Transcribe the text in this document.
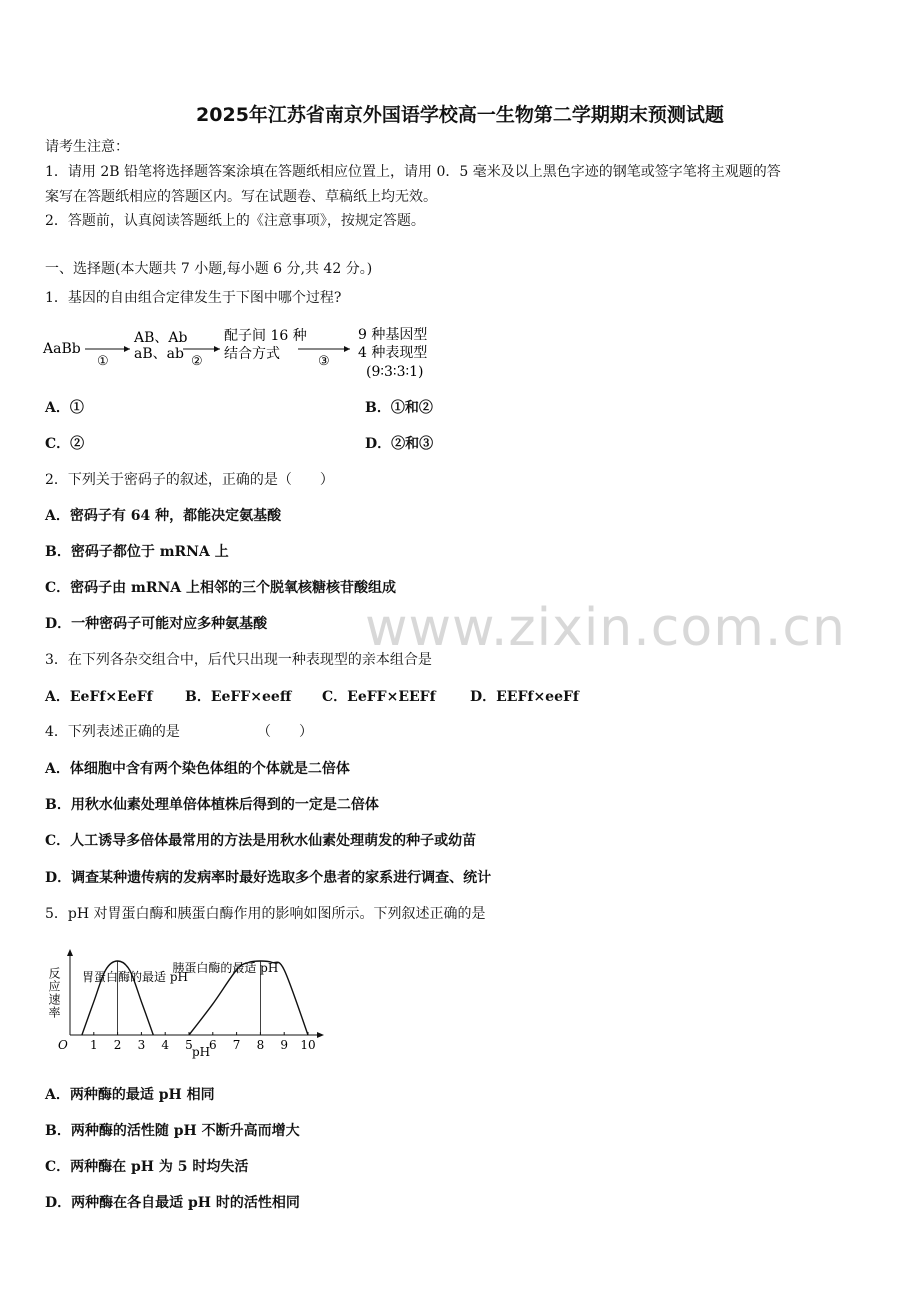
2025年江苏省南京外国语学校高一生物第二学期期末预测试题
请考生注意：
1．请用 2B 铅笔将选择题答案涂填在答题纸相应位置上，请用 0．5 毫米及以上黑色字迹的钢笔或签字笔将主观题的答
案写在答题纸相应的答题区内。写在试题卷、草稿纸上均无效。
2．答题前，认真阅读答题纸上的《注意事项》，按规定答题。
一、选择题(本大题共 7 小题,每小题 6 分,共 42 分。)
1．基因的自由组合定律发生于下图中哪个过程?
AaBb
①
AB、Ab
aB、ab ②
配子间 16 种
结合方式	③
9 种基因型
4 种表现型
(9∶3∶3∶1)
A．①	B．①和②
C．②	D．②和③
2．下列关于密码子的叙述，正确的是（　　）
A．密码子有 64 种，都能决定氨基酸
B．密码子都位于 mRNA 上
C．密码子由 mRNA 上相邻的三个脱氧核糖核苷酸组成
D．一种密码子可能对应多种氨基酸
3．在下列各杂交组合中，后代只出现一种表现型的亲本组合是
A．EeFf×EeFf B．EeFF×eeff C．EeFF×EEFf D．EEFf×eeFf
4．下列表述正确的是	（　　）
A．体细胞中含有两个染色体组的个体就是二倍体
B．用秋水仙素处理单倍体植株后得到的一定是二倍体
C．人工诱导多倍体最常用的方法是用秋水仙素处理萌发的种子或幼苗
D．调查某种遗传病的发病率时最好选取多个患者的家系进行调查、统计
5．pH 对胃蛋白酶和胰蛋白酶作用的影响如图所示。下列叙述正确的是
反应速率
O	pH
1 2 3 4 5 6 7 8 9 10
胃蛋白酶的最适 pH
胰蛋白酶的最适 pH
A．两种酶的最适 pH 相同
B．两种酶的活性随 pH 不断升高而增大
C．两种酶在 pH 为 5 时均失活
D．两种酶在各自最适 pH 时的活性相同
www.zixin.com.cn
